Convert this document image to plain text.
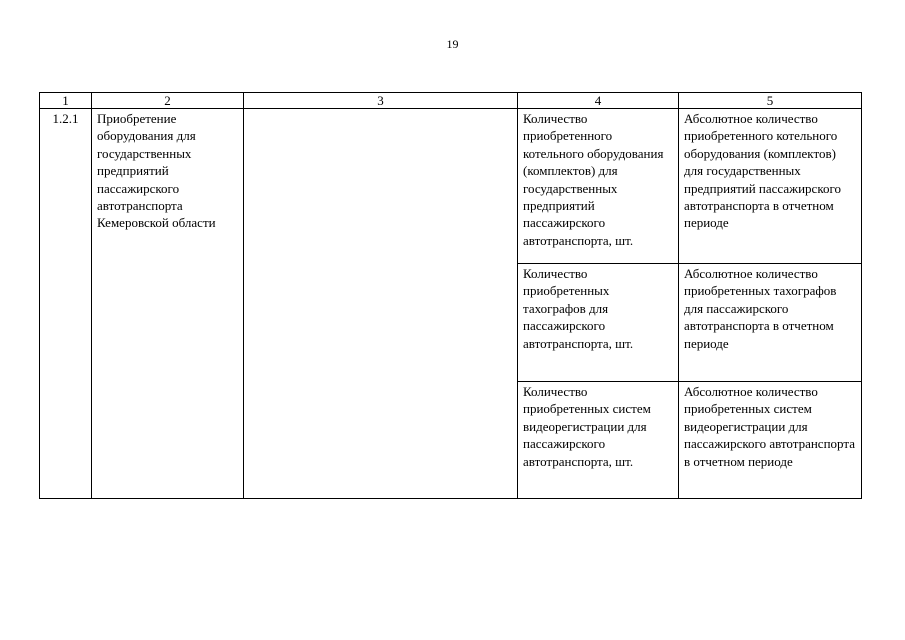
19
1	2	3	4	5
1.2.1	Приобретение оборудования для государственных предприятий пассажирского автотранспорта Кемеровской области		Количество приобретенного котельного оборудования (комплектов) для государственных предприятий пассажирского автотранспорта, шт.	Абсолютное количество приобретенного котельного оборудования (комплектов) для государственных предприятий пассажирского автотранспорта в отчетном периоде
			Количество приобретенных тахографов для пассажирского автотранспорта, шт.	Абсолютное количество приобретенных тахографов для пассажирского автотранспорта в отчетном периоде
			Количество приобретенных систем видеорегистрации для пассажирского автотранспорта, шт.	Абсолютное количество приобретенных систем видеорегистрации для пассажирского автотранспорта в отчетном периоде
